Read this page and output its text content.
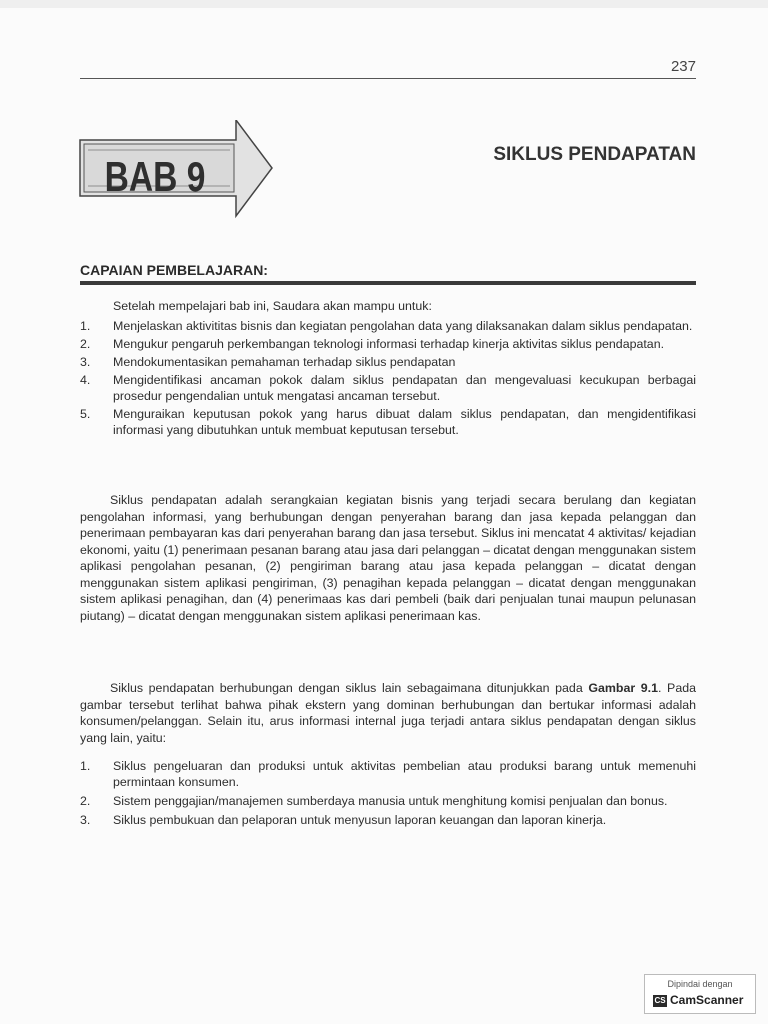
237
BAB 9	SIKLUS PENDAPATAN
CAPAIAN PEMBELAJARAN:
Setelah mempelajari bab ini, Saudara akan mampu untuk:
1.	Menjelaskan aktivititas bisnis dan kegiatan pengolahan data yang dilaksanakan dalam siklus pendapatan.
2.	Mengukur pengaruh perkembangan teknologi informasi terhadap kinerja aktivitas siklus pendapatan.
3.	Mendokumentasikan pemahaman terhadap siklus pendapatan
4.	Mengidentifikasi ancaman pokok dalam siklus pendapatan dan mengevaluasi kecukupan berbagai prosedur pengendalian untuk mengatasi ancaman tersebut.
5.	Menguraikan keputusan pokok yang harus dibuat dalam siklus pendapatan, dan mengidentifikasi informasi yang dibutuhkan untuk membuat keputusan tersebut.
Siklus pendapatan adalah serangkaian kegiatan bisnis yang terjadi secara berulang dan kegiatan pengolahan informasi, yang berhubungan dengan penyerahan barang dan jasa kepada pelanggan dan penerimaan pembayaran kas dari penyerahan barang dan jasa tersebut. Siklus ini mencatat 4 aktivitas/ kejadian ekonomi, yaitu (1) penerimaan pesanan barang atau jasa dari pelanggan – dicatat dengan menggunakan sistem aplikasi pengolahan pesanan, (2) pengiriman barang atau jasa kepada pelanggan – dicatat dengan menggunakan sistem aplikasi pengiriman, (3) penagihan kepada pelanggan – dicatat dengan menggunakan sistem aplikasi penagihan, dan (4) penerimaas kas dari pembeli (baik dari penjualan tunai maupun pelunasan piutang) – dicatat dengan menggunakan sistem aplikasi penerimaan kas.
Siklus pendapatan berhubungan dengan siklus lain sebagaimana ditunjukkan pada Gambar 9.1. Pada gambar tersebut terlihat bahwa pihak ekstern yang dominan berhubungan dan bertukar informasi adalah konsumen/pelanggan. Selain itu, arus informasi internal juga terjadi antara siklus pendapatan dengan siklus yang lain, yaitu:
1.	Siklus pengeluaran dan produksi untuk aktivitas pembelian atau produksi barang untuk memenuhi permintaan konsumen.
2.	Sistem penggajian/manajemen sumberdaya manusia untuk menghitung komisi penjualan dan bonus.
3.	Siklus pembukuan dan pelaporan untuk menyusun laporan keuangan dan laporan kinerja.
Dipindai dengan
CS CamScanner
